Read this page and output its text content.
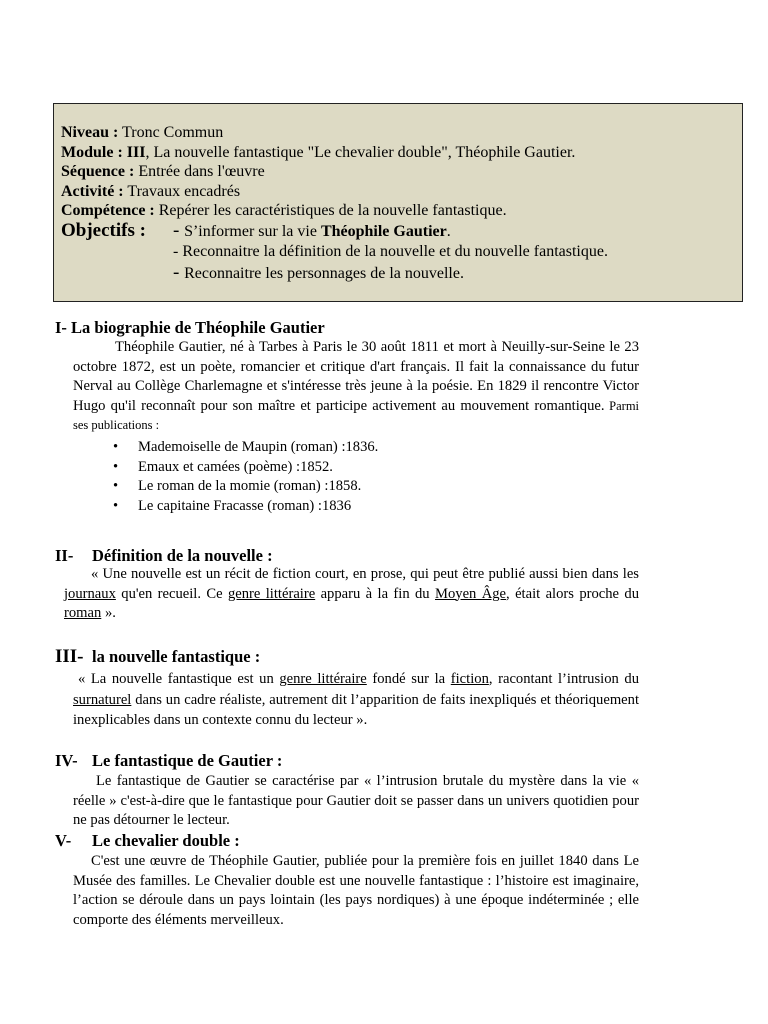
Niveau : Tronc Commun
Module : III, La nouvelle fantastique "Le chevalier double", Théophile Gautier.
Séquence : Entrée dans l'œuvre
Activité : Travaux encadrés
Compétence : Repérer les caractéristiques de la nouvelle fantastique.
Objectifs : - S’informer sur la vie Théophile Gautier.
- Reconnaitre la définition de la nouvelle et du nouvelle fantastique.
- Reconnaitre les personnages de la nouvelle.
I- La biographie de Théophile Gautier

Théophile Gautier, né à Tarbes à Paris le 30 août 1811 et mort à Neuilly-sur-Seine le 23 octobre 1872, est un poète, romancier et critique d'art français. Il fait la connaissance du futur Nerval au Collège Charlemagne et s'intéresse très jeune à la poésie. En 1829 il rencontre Victor Hugo qu'il reconnaît pour son maître et participe activement au mouvement romantique. Parmi ses publications :

• Mademoiselle de Maupin (roman) :1836.
• Emaux et camées (poème) :1852.
• Le roman de la momie (roman) :1858.
• Le capitaine Fracasse (roman) :1836
II- Définition de la nouvelle :

« Une nouvelle est un récit de fiction court, en prose, qui peut être publié aussi bien dans les journaux qu'en recueil. Ce genre littéraire apparu à la fin du Moyen Âge, était alors proche du roman ».

III- la nouvelle fantastique :

« La nouvelle fantastique est un genre littéraire fondé sur la fiction, racontant l’intrusion du surnaturel dans un cadre réaliste, autrement dit l’apparition de faits inexpliqués et théoriquement inexplicables dans un contexte connu du lecteur ».

IV- Le fantastique de Gautier :

Le fantastique de Gautier se caractérise par « l’intrusion brutale du mystère dans la vie « réelle » c'est-à-dire que le fantastique pour Gautier doit se passer dans un univers quotidien pour ne pas détourner le lecteur.

V- Le chevalier double :

C'est une œuvre de Théophile Gautier, publiée pour la première fois en juillet 1840 dans Le Musée des familles. Le Chevalier double est une nouvelle fantastique : l’histoire est imaginaire, l’action se déroule dans un pays lointain (les pays nordiques) à une époque indéterminée ; elle comporte des éléments merveilleux.
